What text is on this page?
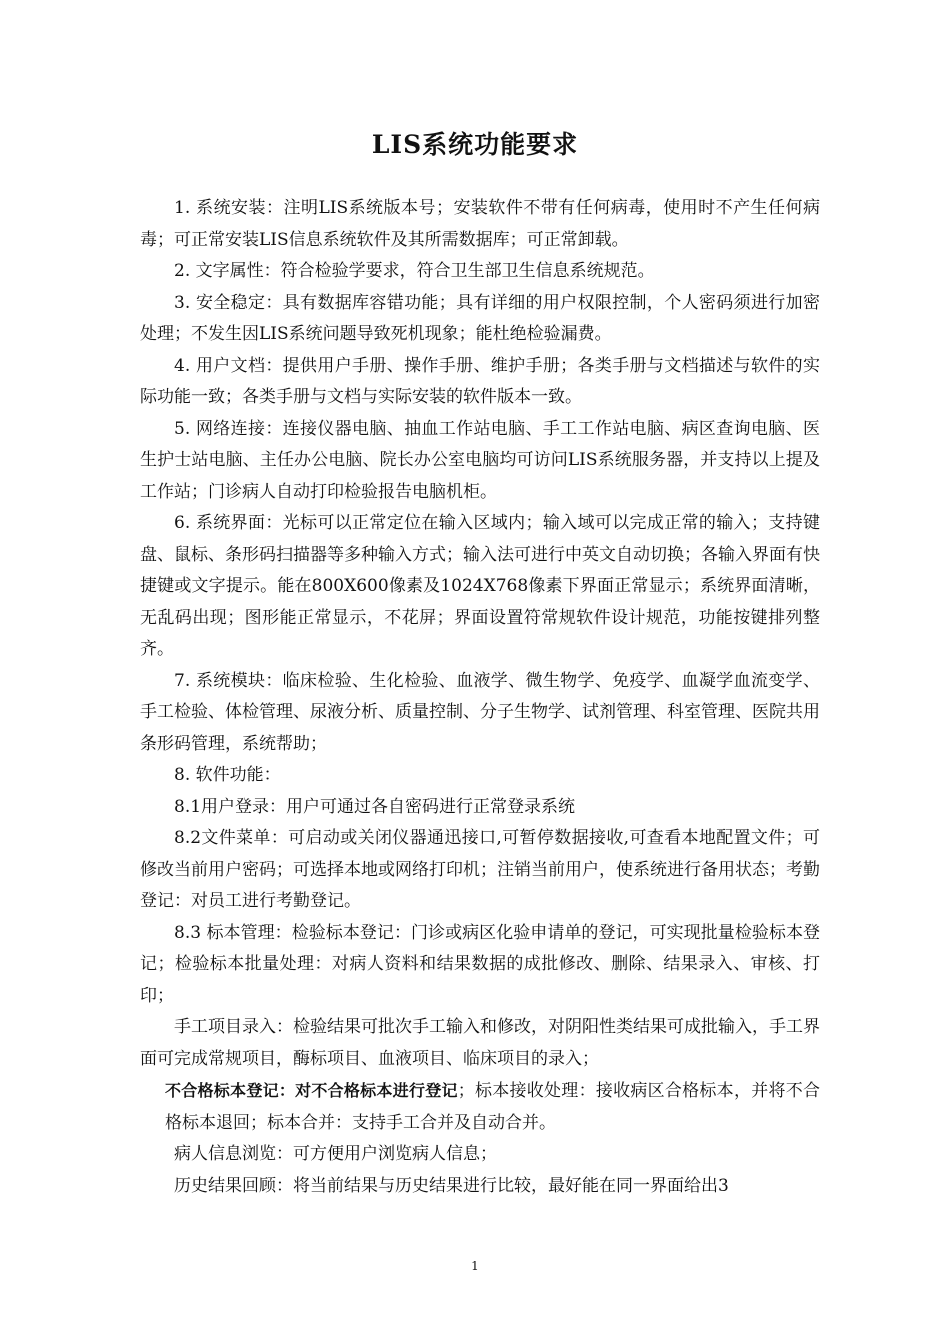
LIS系统功能要求

1. 系统安装：注明LIS系统版本号；安装软件不带有任何病毒，使用时不产生任何病毒；可正常安装LIS信息系统软件及其所需数据库；可正常卸载。

2. 文字属性：符合检验学要求，符合卫生部卫生信息系统规范。

3. 安全稳定：具有数据库容错功能；具有详细的用户权限控制，个人密码须进行加密处理；不发生因LIS系统问题导致死机现象；能杜绝检验漏费。

4. 用户文档：提供用户手册、操作手册、维护手册；各类手册与文档描述与软件的实际功能一致；各类手册与文档与实际安装的软件版本一致。

5. 网络连接：连接仪器电脑、抽血工作站电脑、手工工作站电脑、病区查询电脑、医生护士站电脑、主任办公电脑、院长办公室电脑均可访问LIS系统服务器，并支持以上提及工作站；门诊病人自动打印检验报告电脑机柜。

6. 系统界面：光标可以正常定位在输入区域内；输入域可以完成正常的输入；支持键盘、鼠标、条形码扫描器等多种输入方式；输入法可进行中英文自动切换；各输入界面有快捷键或文字提示。能在800X600像素及1024X768像素下界面正常显示；系统界面清晰，无乱码出现；图形能正常显示，不花屏；界面设置符常规软件设计规范，功能按键排列整齐。

7. 系统模块：临床检验、生化检验、血液学、微生物学、免疫学、血凝学血流变学、手工检验、体检管理、尿液分析、质量控制、分子生物学、试剂管理、科室管理、医院共用条形码管理，系统帮助；

8. 软件功能：

8.1用户登录：用户可通过各自密码进行正常登录系统

8.2文件菜单：可启动或关闭仪器通迅接口,可暂停数据接收,可查看本地配置文件；可修改当前用户密码；可选择本地或网络打印机；注销当前用户，使系统进行备用状态；考勤登记：对员工进行考勤登记。

8.3 标本管理：检验标本登记：门诊或病区化验申请单的登记，可实现批量检验标本登记；检验标本批量处理：对病人资料和结果数据的成批修改、删除、结果录入、审核、打印；

手工项目录入：检验结果可批次手工输入和修改，对阴阳性类结果可成批输入，手工界面可完成常规项目，酶标项目、血液项目、临床项目的录入；

不合格标本登记：对不合格标本进行登记；标本接收处理：接收病区合格标本，并将不合格标本退回；标本合并：支持手工合并及自动合并。

病人信息浏览：可方便用户浏览病人信息；

历史结果回顾：将当前结果与历史结果进行比较，最好能在同一界面给出3

1
